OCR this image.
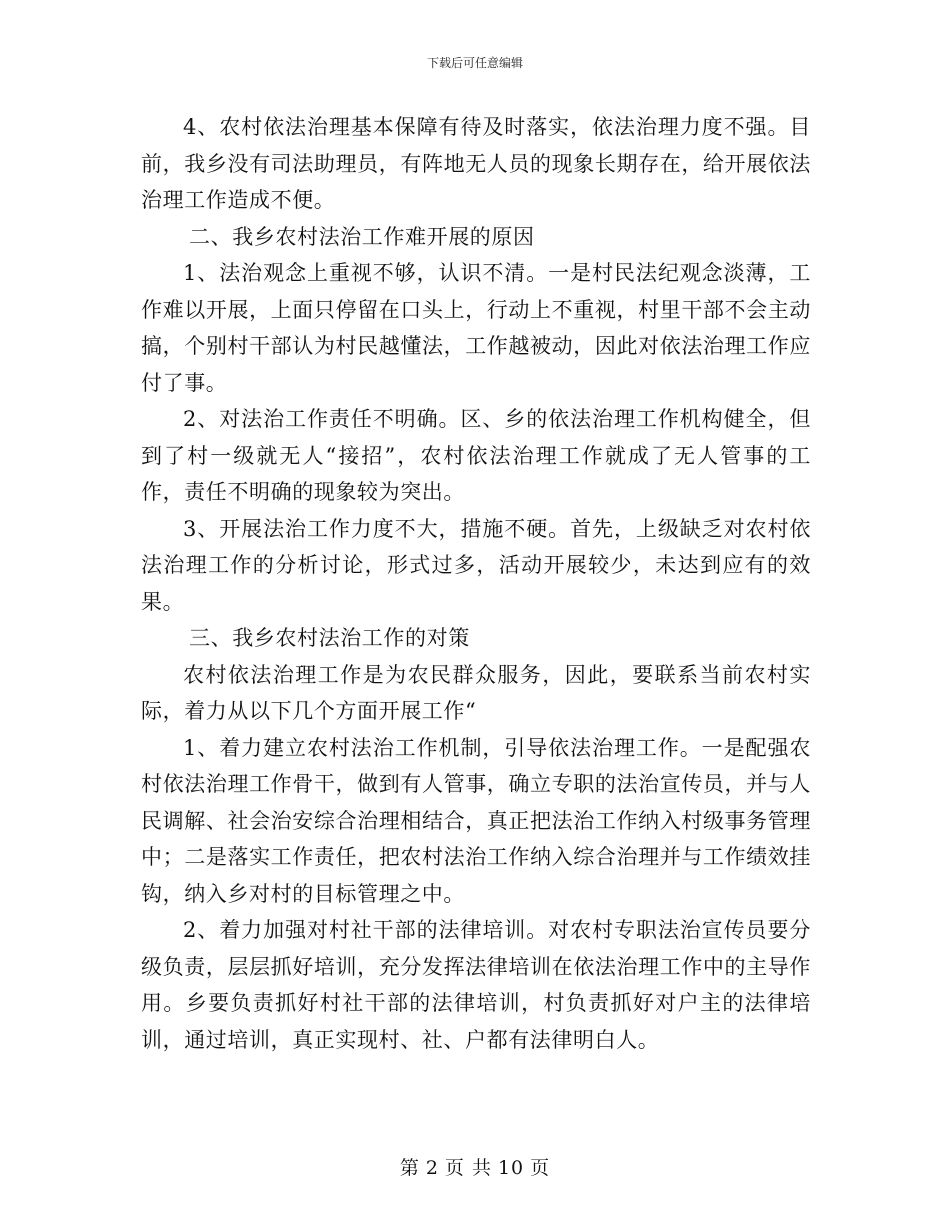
下载后可任意编辑

4、农村依法治理基本保障有待及时落实，依法治理力度不强。目前，我乡没有司法助理员，有阵地无人员的现象长期存在，给开展依法治理工作造成不便。

二、我乡农村法治工作难开展的原因

1、法治观念上重视不够，认识不清。一是村民法纪观念淡薄，工作难以开展，上面只停留在口头上，行动上不重视，村里干部不会主动搞，个别村干部认为村民越懂法，工作越被动，因此对依法治理工作应付了事。

2、对法治工作责任不明确。区、乡的依法治理工作机构健全，但到了村一级就无人“接招”，农村依法治理工作就成了无人管事的工作，责任不明确的现象较为突出。

3、开展法治工作力度不大，措施不硬。首先，上级缺乏对农村依法治理工作的分析讨论，形式过多，活动开展较少，未达到应有的效果。

三、我乡农村法治工作的对策

农村依法治理工作是为农民群众服务，因此，要联系当前农村实际，着力从以下几个方面开展工作“

1、着力建立农村法治工作机制，引导依法治理工作。一是配强农村依法治理工作骨干，做到有人管事，确立专职的法治宣传员，并与人民调解、社会治安综合治理相结合，真正把法治工作纳入村级事务管理中；二是落实工作责任，把农村法治工作纳入综合治理并与工作绩效挂钩，纳入乡对村的目标管理之中。

2、着力加强对村社干部的法律培训。对农村专职法治宣传员要分级负责，层层抓好培训，充分发挥法律培训在依法治理工作中的主导作用。乡要负责抓好村社干部的法律培训，村负责抓好对户主的法律培训，通过培训，真正实现村、社、户都有法律明白人。

第 2 页 共 10 页
